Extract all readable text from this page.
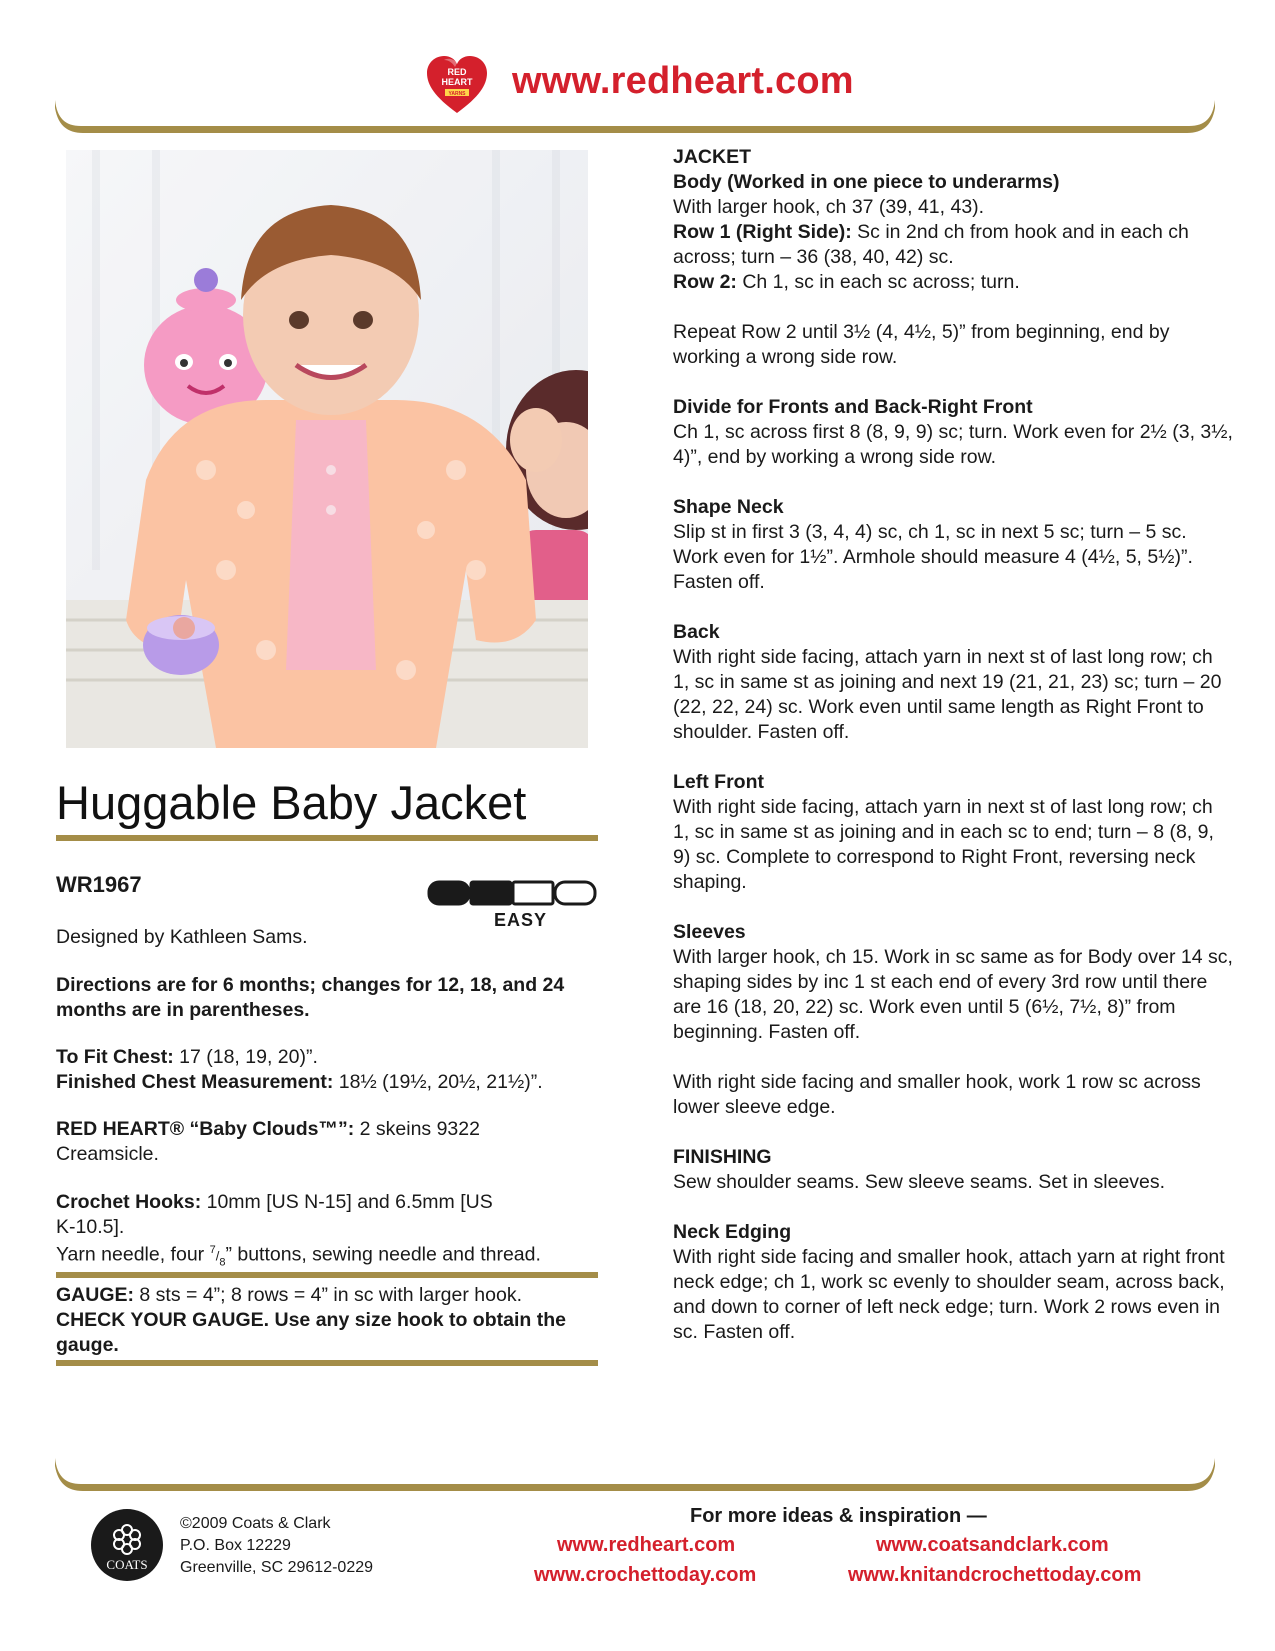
RED
HEART
YARNS www.redheart.com
Huggable Baby Jacket
WR1967
EASY
Designed by Kathleen Sams.
Directions are for 6 months; changes for 12, 18, and 24 months are in parentheses.
To Fit Chest: 17 (18, 19, 20)”.
Finished Chest Measurement: 18½ (19½, 20½, 21½)”.
RED HEART® “Baby Clouds™”: 2 skeins 9322 Creamsicle.
Crochet Hooks: 10mm [US N-15] and 6.5mm [US K-10.5].
Yarn needle, four $^7/_8$” buttons, sewing needle and thread.
GAUGE: 8 sts = 4”; 8 rows = 4” in sc with larger hook.
CHECK YOUR GAUGE. Use any size hook to obtain the gauge.
JACKET
Body (Worked in one piece to underarms)
With larger hook, ch 37 (39, 41, 43).
Row 1 (Right Side): Sc in 2nd ch from hook and in each ch across; turn – 36 (38, 40, 42) sc.
Row 2: Ch 1, sc in each sc across; turn.
Repeat Row 2 until 3½ (4, 4½, 5)” from beginning, end by working a wrong side row.
Divide for Fronts and Back-Right Front
Ch 1, sc across first 8 (8, 9, 9) sc; turn. Work even for 2½ (3, 3½, 4)”, end by working a wrong side row.
Shape Neck
Slip st in first 3 (3, 4, 4) sc, ch 1, sc in next 5 sc; turn – 5 sc. Work even for 1½”. Armhole should measure 4 (4½, 5, 5½)”. Fasten off.
Back
With right side facing, attach yarn in next st of last long row; ch 1, sc in same st as joining and next 19 (21, 21, 23) sc; turn – 20 (22, 22, 24) sc. Work even until same length as Right Front to shoulder. Fasten off.
Left Front
With right side facing, attach yarn in next st of last long row; ch 1, sc in same st as joining and in each sc to end; turn – 8 (8, 9, 9) sc. Complete to correspond to Right Front, reversing neck shaping.
Sleeves
With larger hook, ch 15. Work in sc same as for Body over 14 sc, shaping sides by inc 1 st each end of every 3rd row until there are 16 (18, 20, 22) sc. Work even until 5 (6½, 7½, 8)” from beginning. Fasten off.
With right side facing and smaller hook, work 1 row sc across lower sleeve edge.
FINISHING
Sew shoulder seams. Sew sleeve seams. Set in sleeves.
Neck Edging
With right side facing and smaller hook, attach yarn at right front neck edge; ch 1, work sc evenly to shoulder seam, across back, and down to corner of left neck edge; turn. Work 2 rows even in sc. Fasten off.
COATS
©2009 Coats & Clark
P.O. Box 12229
Greenville, SC 29612-0229
For more ideas & inspiration —
www.redheart.com	www.coatsandclark.com
www.crochettoday.com	www.knitandcrochettoday.com
